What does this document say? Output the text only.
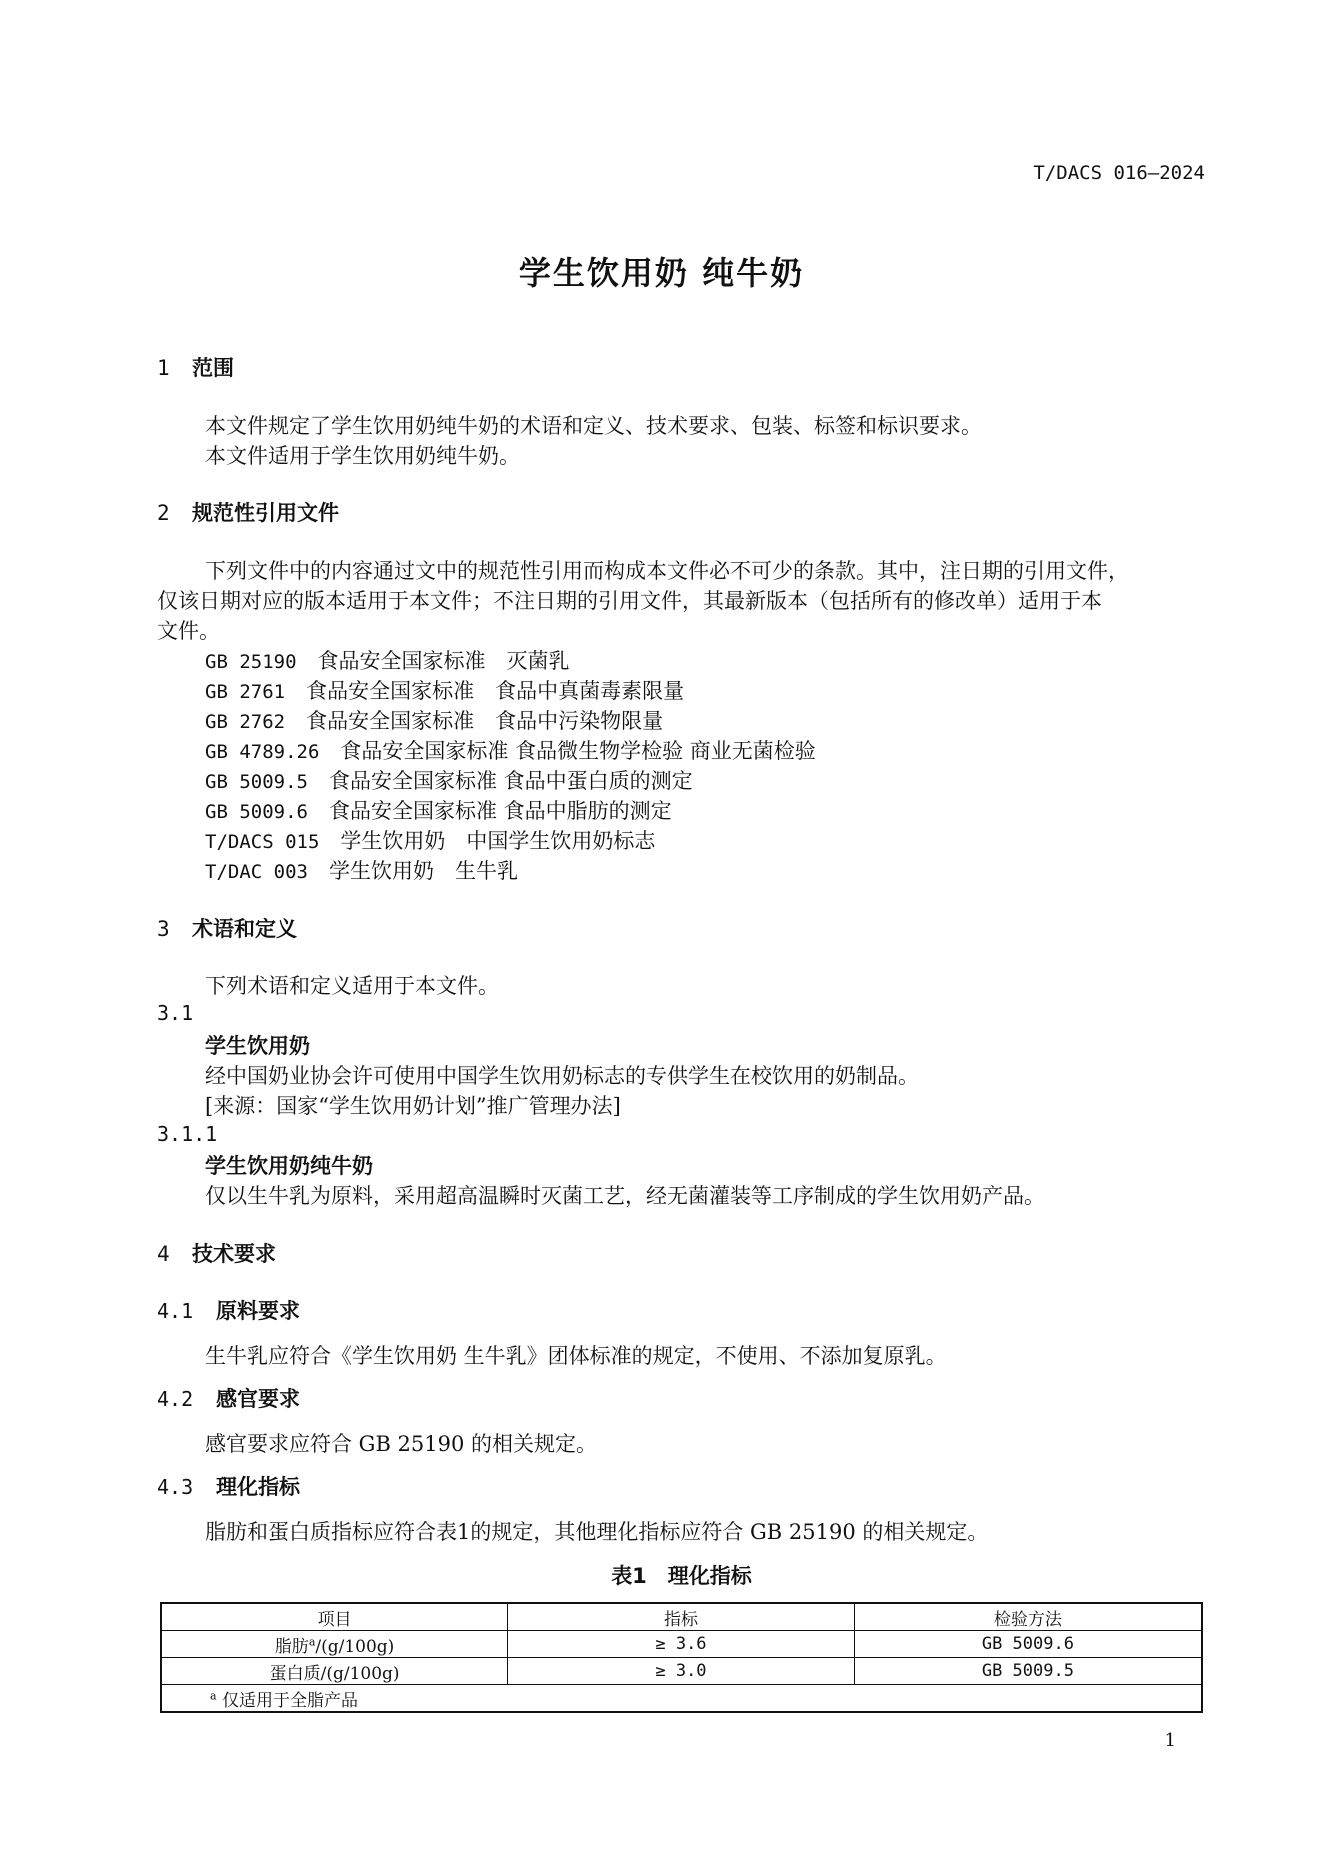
T/DACS 016—2024
学生饮用奶 纯牛奶
1 范围
本文件规定了学生饮用奶纯牛奶的术语和定义、技术要求、包装、标签和标识要求。
本文件适用于学生饮用奶纯牛奶。
2 规范性引用文件
下列文件中的内容通过文中的规范性引用而构成本文件必不可少的条款。其中，注日期的引用文件，
仅该日期对应的版本适用于本文件；不注日期的引用文件，其最新版本（包括所有的修改单）适用于本
文件。
GB 25190　 食品安全国家标准　灭菌乳
GB 2761　 食品安全国家标准　食品中真菌毒素限量
GB 2762　 食品安全国家标准　食品中污染物限量
GB 4789.26　 食品安全国家标准 食品微生物学检验 商业无菌检验
GB 5009.5　 食品安全国家标准 食品中蛋白质的测定
GB 5009.6　 食品安全国家标准 食品中脂肪的测定
T/DACS 015　 学生饮用奶　中国学生饮用奶标志
T/DAC 003　 学生饮用奶　生牛乳
3 术语和定义
下列术语和定义适用于本文件。
3.1
学生饮用奶
经中国奶业协会许可使用中国学生饮用奶标志的专供学生在校饮用的奶制品。
[来源：国家“学生饮用奶计划”推广管理办法]
3.1.1
学生饮用奶纯牛奶
仅以生牛乳为原料，采用超高温瞬时灭菌工艺，经无菌灌装等工序制成的学生饮用奶产品。
4 技术要求
4.1 原料要求
生牛乳应符合《学生饮用奶 生牛乳》团体标准的规定，不使用、不添加复原乳。
4.2 感官要求
感官要求应符合 GB 25190 的相关规定。
4.3 理化指标
脂肪和蛋白质指标应符合表1的规定，其他理化指标应符合 GB 25190 的相关规定。
表1　理化指标
项目	指标	检验方法
脂肪$^a$/(g/100g)	≥ 3.6	GB 5009.6
蛋白质/(g/100g)	≥ 3.0	GB 5009.5
$^a$ 仅适用于全脂产品		
1
